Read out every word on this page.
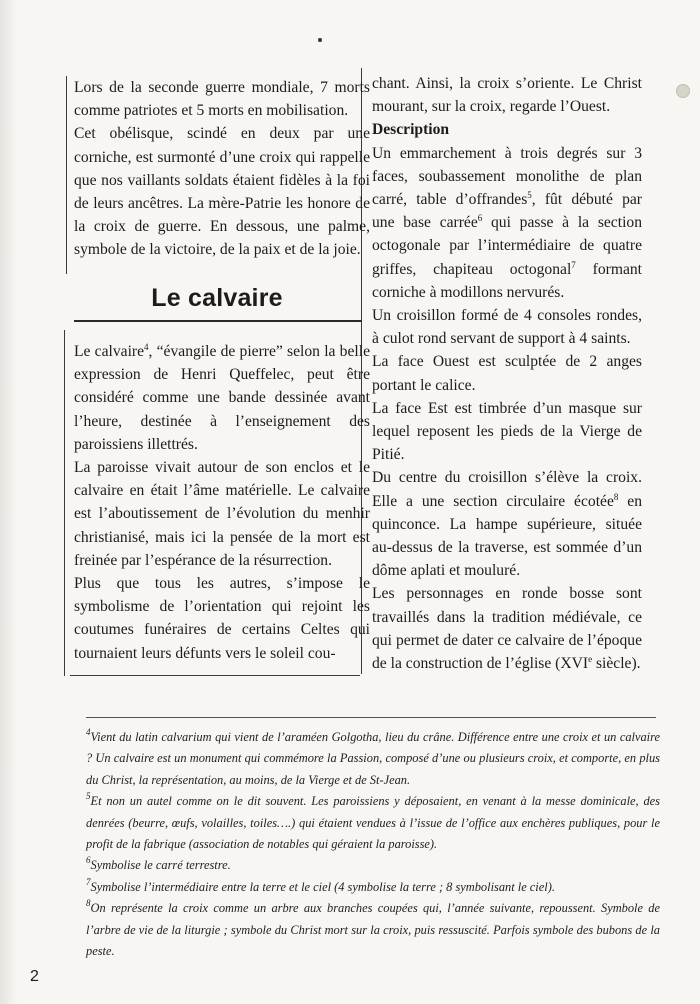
Lors de la seconde guerre mondiale, 7 morts comme patriotes et 5 morts en mobilisation.

Cet obélisque, scindé en deux par une corniche, est surmonté d’une croix qui rappelle que nos vaillants soldats étaient fidèles à la foi de leurs ancêtres. La mère-Patrie les honore de la croix de guerre. En dessous, une palme, symbole de la victoire, de la paix et de la joie.

Le calvaire

Le calvaire$^4$, “évangile de pierre” selon la belle expression de Henri Queffelec, peut être considéré comme une bande dessinée avant l’heure, destinée à l’enseignement des paroissiens illettrés.

La paroisse vivait autour de son enclos et le calvaire en était l’âme matérielle. Le calvaire est l’aboutissement de l’évolution du menhir christianisé, mais ici la pensée de la mort est freinée par l’espérance de la résurrection.

Plus que tous les autres, s’impose le symbolisme de l’orientation qui rejoint les coutumes funéraires de certains Celtes qui tournaient leurs défunts vers le soleil cou-

chant. Ainsi, la croix s’oriente. Le Christ mourant, sur la croix, regarde l’Ouest.

Description

Un emmarchement à trois degrés sur 3 faces, soubassement monolithe de plan carré, table d’offrandes$^5$, fût débuté par une base carrée$^6$ qui passe à la section octogonale par l’intermédiaire de quatre griffes, chapiteau octogonal$^7$ formant corniche à modillons nervurés.

Un croisillon formé de 4 consoles rondes, à culot rond servant de support à 4 saints.

La face Ouest est sculptée de 2 anges portant le calice.

La face Est est timbrée d’un masque sur lequel reposent les pieds de la Vierge de Pitié.

Du centre du croisillon s’élève la croix. Elle a une section circulaire écotée$^8$ en quinconce. La hampe supérieure, située au-dessus de la traverse, est sommée d’un dôme aplati et mouluré.

Les personnages en ronde bosse sont travaillés dans la tradition médiévale, ce qui permet de dater ce calvaire de l’époque de la construction de l’église (XVIe siècle).

$^4$Vient du latin calvarium qui vient de l’araméen Golgotha, lieu du crâne. Différence entre une croix et un calvaire ? Un calvaire est un monument qui commémore la Passion, composé d’une ou plusieurs croix, et comporte, en plus du Christ, la représentation, au moins, de la Vierge et de St-Jean.

$^5$Et non un autel comme on le dit souvent. Les paroissiens y déposaient, en venant à la messe dominicale, des denrées (beurre, œufs, volailles, toiles….) qui étaient vendues à l’issue de l’office aux enchères publiques, pour le profit de la fabrique (association de notables qui géraient la paroisse).

$^6$Symbolise le carré terrestre.

$^7$Symbolise l’intermédiaire entre la terre et le ciel (4 symbolise la terre ; 8 symbolisant le ciel).

$^8$On représente la croix comme un arbre aux branches coupées qui, l’année suivante, repoussent. Symbole de l’arbre de vie de la liturgie ; symbole du Christ mort sur la croix, puis ressuscité. Parfois symbole des bubons de la peste.

2
